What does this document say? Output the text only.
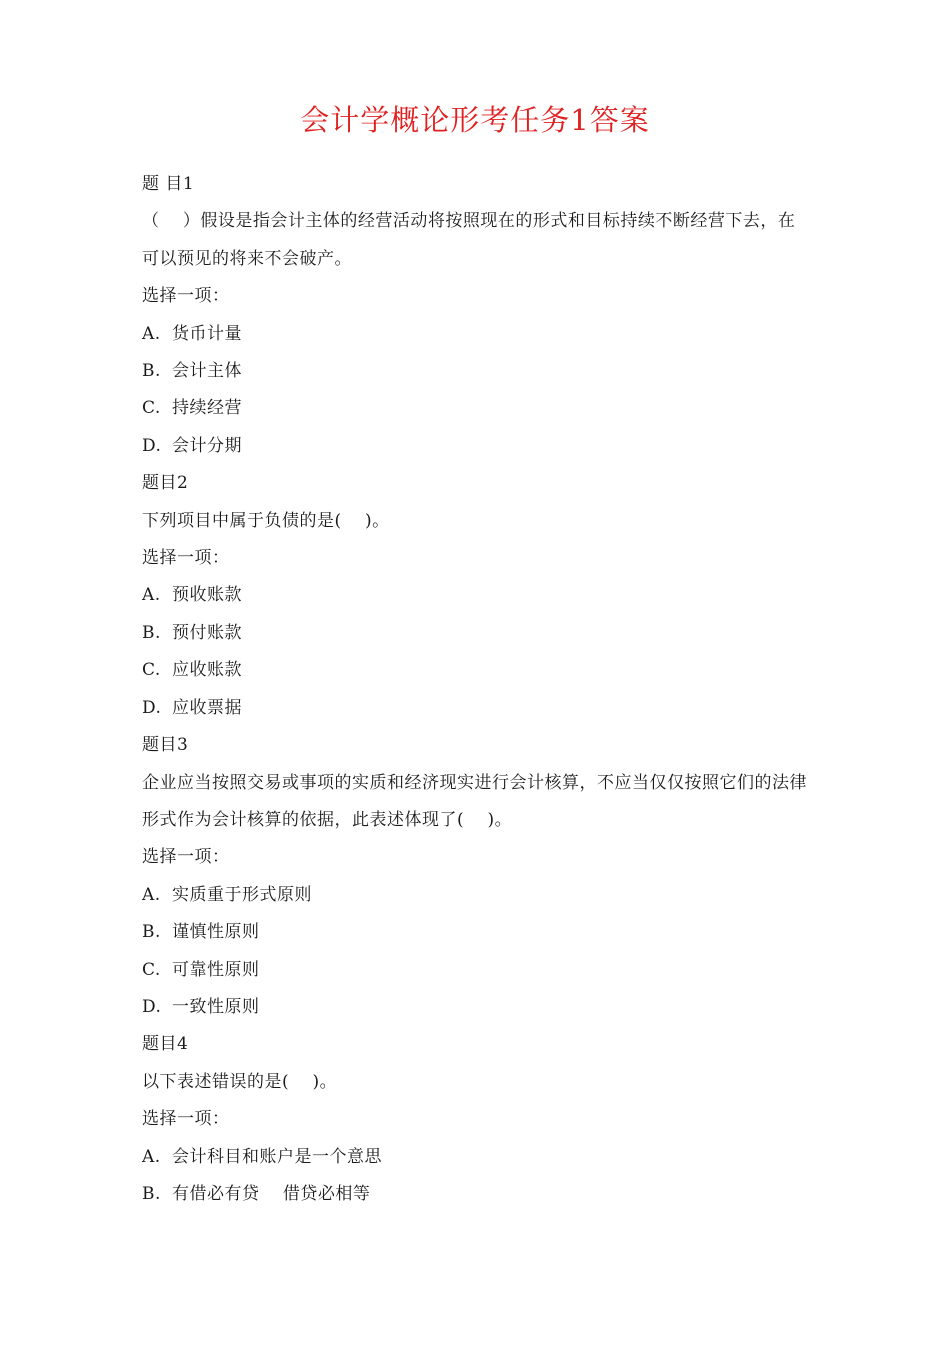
会计学概论形考任务1答案
题 目1
（　 ）假设是指会计主体的经营活动将按照现在的形式和目标持续不断经营下去，在可以预见的将来不会破产。
选择一项：
A. 货币计量
B. 会计主体
C. 持续经营
D. 会计分期
题目2
下列项目中属于负债的是(　 )。
选择一项：
A. 预收账款
B. 预付账款
C. 应收账款
D. 应收票据
题目3
企业应当按照交易或事项的实质和经济现实进行会计核算，不应当仅仅按照它们的法律形式作为会计核算的依据，此表述体现了(　 )。
选择一项：
A. 实质重于形式原则
B. 谨慎性原则
C. 可靠性原则
D. 一致性原则
题目4
以下表述错误的是(　 )。
选择一项：
A. 会计科目和账户是一个意思
B. 有借必有贷　 借贷必相等
